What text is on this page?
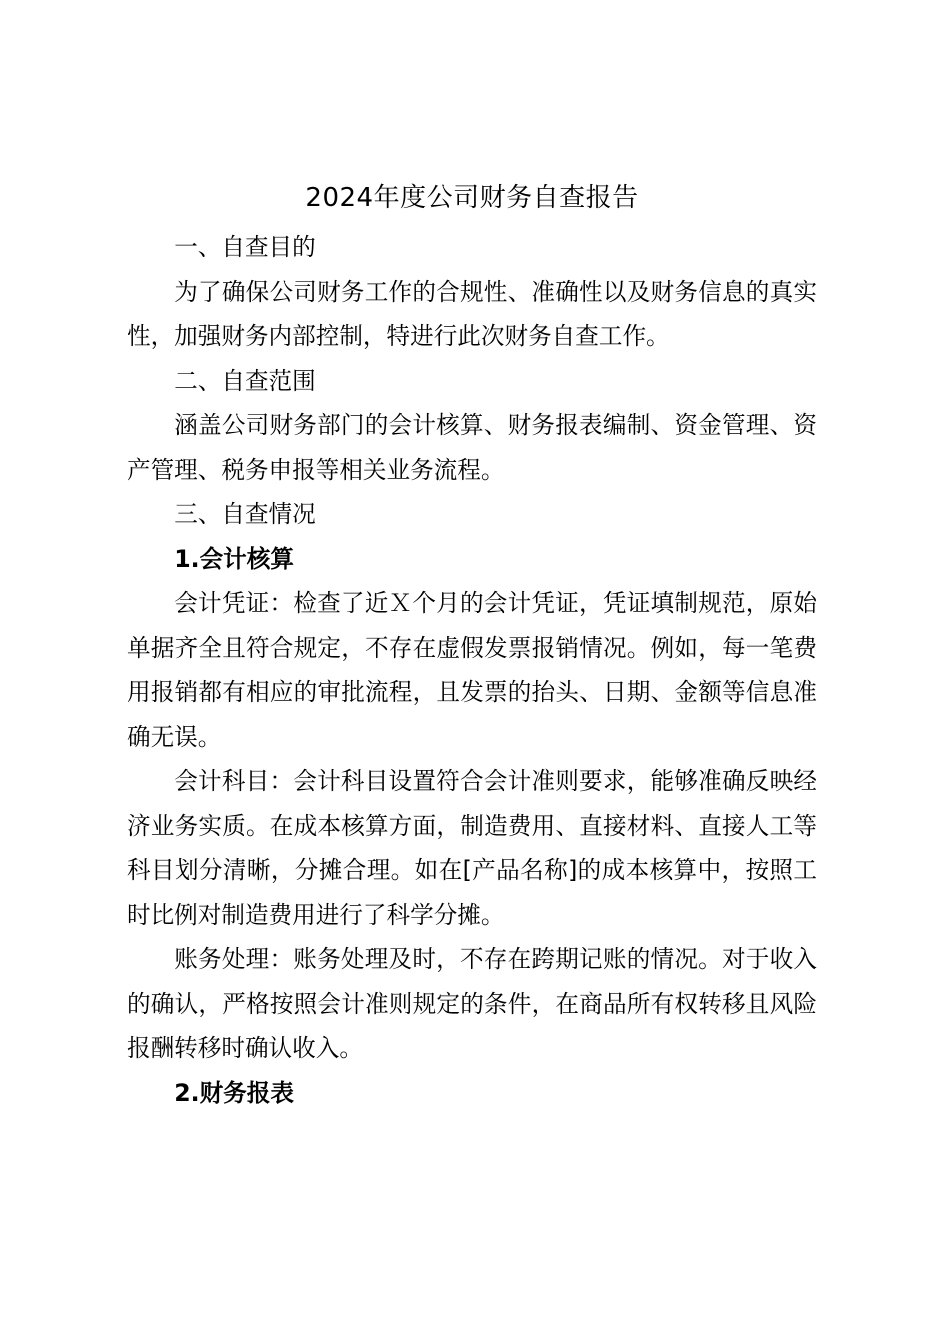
2024年度公司财务自查报告

一、自查目的

为了确保公司财务工作的合规性、准确性以及财务信息的真实性，加强财务内部控制，特进行此次财务自查工作。

二、自查范围

涵盖公司财务部门的会计核算、财务报表编制、资金管理、资产管理、税务申报等相关业务流程。

三、自查情况

1.会计核算

会计凭证：检查了近Ｘ个月的会计凭证，凭证填制规范，原始单据齐全且符合规定，不存在虚假发票报销情况。例如，每一笔费用报销都有相应的审批流程，且发票的抬头、日期、金额等信息准确无误。

会计科目：会计科目设置符合会计准则要求，能够准确反映经济业务实质。在成本核算方面，制造费用、直接材料、直接人工等科目划分清晰，分摊合理。如在[产品名称]的成本核算中，按照工时比例对制造费用进行了科学分摊。

账务处理：账务处理及时，不存在跨期记账的情况。对于收入的确认，严格按照会计准则规定的条件，在商品所有权转移且风险报酬转移时确认收入。

2.财务报表
